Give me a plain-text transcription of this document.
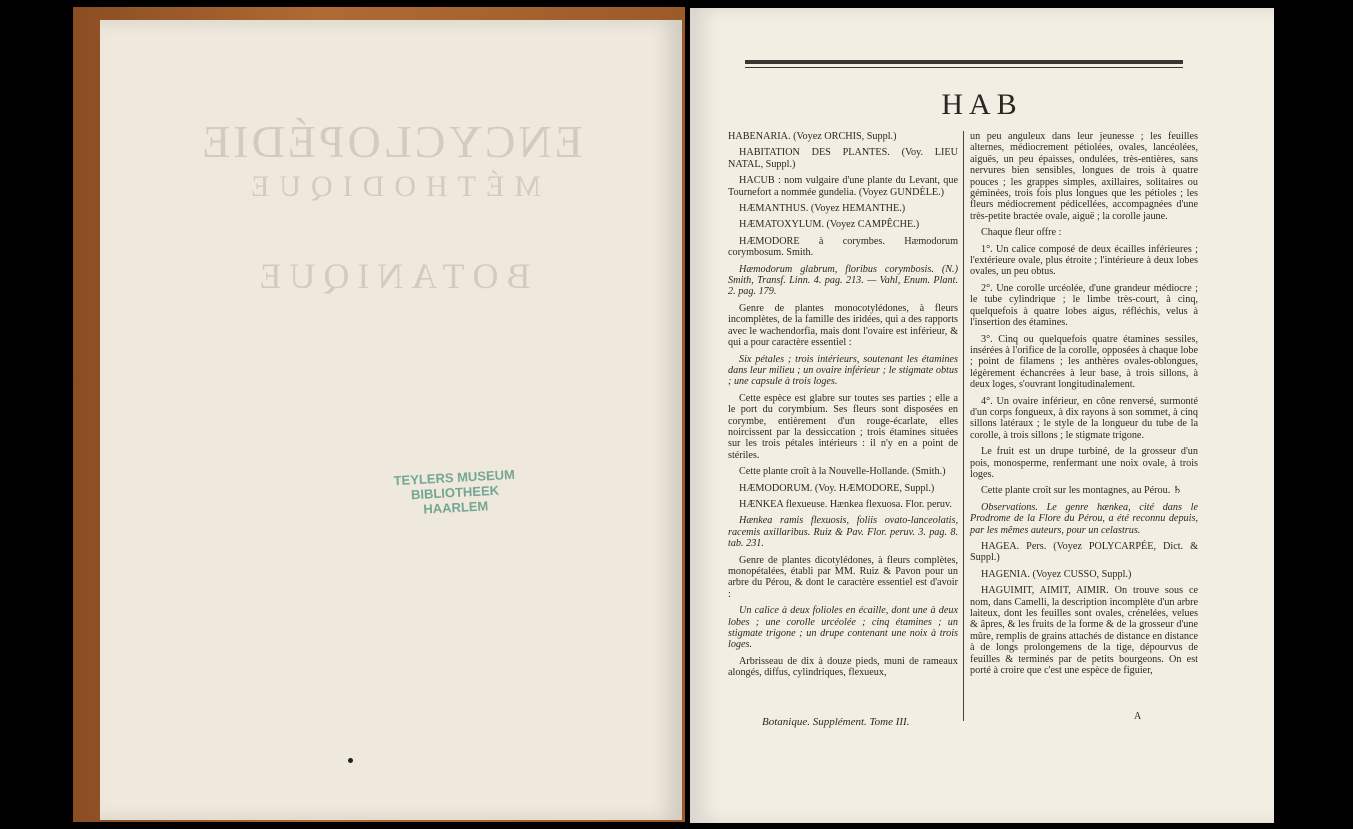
ENCYCLOPÉDIE
MÉTHODIQUE
BOTANIQUE
TEYLERS MUSEUM
BIBLIOTHEEK
HAARLEM
HAB

HABENARIA. (Voyez ORCHIS, Suppl.)

HABITATION DES PLANTES. (Voy. LIEU NATAL, Suppl.)

HACUB : nom vulgaire d'une plante du Levant, que Tournefort a nommée gundelia. (Voyez GUNDÈLE.)

HÆMANTHUS. (Voyez HEMANTHE.)

HÆMATOXYLUM. (Voyez CAMPÊCHE.)

HÆMODORE à corymbes. Hæmodorum corymbosum. Smith.

Hæmodorum glabrum, floribus corymbosis. (N.) Smith, Transf. Linn. 4. pag. 213. — Vahl, Enum. Plant. 2. pag. 179.

Genre de plantes monocotylédones, à fleurs incomplètes, de la famille des iridées, qui a des rapports avec le wachendorfia, mais dont l'ovaire est inférieur, & qui a pour caractère essentiel :

Six pétales ; trois intérieurs, soutenant les étamines dans leur milieu ; un ovaire inférieur ; le stigmate obtus ; une capsule à trois loges.

Cette espèce est glabre sur toutes ses parties ; elle a le port du corymbium. Ses fleurs sont disposées en corymbe, entièrement d'un rouge-écarlate, elles noircissent par la dessiccation ; trois étamines situées sur les trois pétales intérieurs : il n'y en a point de stériles.

Cette plante croît à la Nouvelle-Hollande. (Smith.)

HÆMODORUM. (Voy. HÆMODORE, Suppl.)

HÆNKEA flexueuse. Hænkea flexuosa. Flor. peruv.

Hænkea ramis flexuosis, foliis ovato-lanceolatis, racemis axillaribus. Ruiz & Pav. Flor. peruv. 3. pag. 8. tab. 231.

Genre de plantes dicotylédones, à fleurs complètes, monopétalées, établi par MM. Ruiz & Pavon pour un arbre du Pérou, & dont le caractère essentiel est d'avoir :

Un calice à deux folioles en écaille, dont une à deux lobes ; une corolle urcéolée ; cinq étamines ; un stigmate trigone ; un drupe contenant une noix à trois loges.

Arbrisseau de dix à douze pieds, muni de rameaux alongés, diffus, cylindriques, flexueux,

un peu anguleux dans leur jeunesse ; les feuilles alternes, médiocrement pétiolées, ovales, lancéolées, aiguës, un peu épaisses, ondulées, très-entières, sans nervures bien sensibles, longues de trois à quatre pouces ; les grappes simples, axillaires, solitaires ou géminées, trois fois plus longues que les pétioles ; les fleurs médiocrement pédicellées, accompagnées d'une très-petite bractée ovale, aiguë ; la corolle jaune.

Chaque fleur offre :

1°. Un calice composé de deux écailles inférieures ; l'extérieure ovale, plus étroite ; l'intérieure à deux lobes ovales, un peu obtus.

2°. Une corolle urcéolée, d'une grandeur médiocre ; le tube cylindrique ; le limbe très-court, à cinq, quelquefois à quatre lobes aigus, réfléchis, velus à l'insertion des étamines.

3°. Cinq ou quelquefois quatre étamines sessiles, insérées à l'orifice de la corolle, opposées à chaque lobe ; point de filamens ; les anthères ovales-oblongues, légèrement échancrées à leur base, à trois sillons, à deux loges, s'ouvrant longitudinalement.

4°. Un ovaire inférieur, en cône renversé, surmonté d'un corps fongueux, à dix rayons à son sommet, à cinq sillons latéraux ; le style de la longueur du tube de la corolle, à trois sillons ; le stigmate trigone.

Le fruit est un drupe turbiné, de la grosseur d'un pois, monosperme, renfermant une noix ovale, à trois loges.

Cette plante croît sur les montagnes, au Pérou. ♄

Observations. Le genre hænkea, cité dans le Prodrome de la Flore du Pérou, a été reconnu depuis, par les mêmes auteurs, pour un celastrus.

HAGEA. Pers. (Voyez POLYCARPÉE, Dict. & Suppl.)

HAGENIA. (Voyez CUSSO, Suppl.)

HAGUIMIT, AIMIT, AIMIR. On trouve sous ce nom, dans Camelli, la description incomplète d'un arbre laiteux, dont les feuilles sont ovales, crénelées, velues & âpres, & les fruits de la forme & de la grosseur d'une mûre, remplis de grains attachés de distance en distance à de longs prolongemens de la tige, dépourvus de feuilles & terminés par de petits bourgeons. On est porté à croire que c'est une espèce de figuier,

Botanique. Supplément. Tome III.	A
